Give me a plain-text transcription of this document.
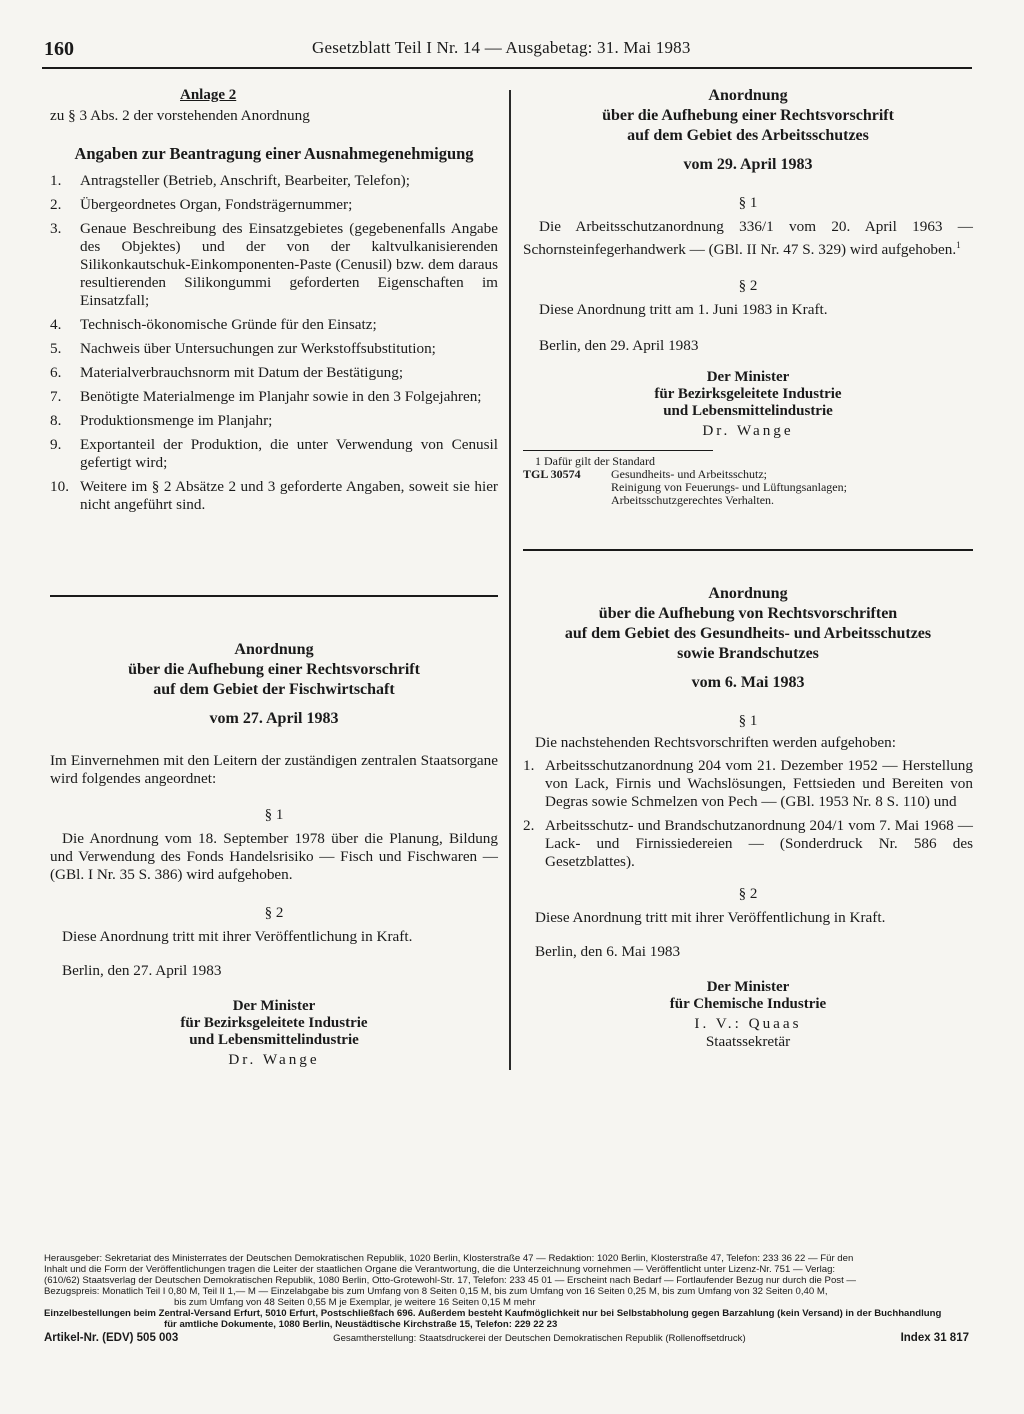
160	Gesetzblatt Teil I Nr. 14 — Ausgabetag: 31. Mai 1983
Anlage 2
zu § 3 Abs. 2 der vorstehenden Anordnung
Angaben zur Beantragung einer Ausnahmegenehmigung
1.	Antragsteller (Betrieb, Anschrift, Bearbeiter, Telefon);
2.	Übergeordnetes Organ, Fondsträgernummer;
3.	Genaue Beschreibung des Einsatzgebietes (gegebenenfalls Angabe des Objektes) und der von der kaltvulkanisierenden Silikonkautschuk-Einkomponenten-Paste (Cenusil) bzw. dem daraus resultierenden Silikongummi geforderten Eigenschaften im Einsatzfall;
4.	Technisch-ökonomische Gründe für den Einsatz;
5.	Nachweis über Untersuchungen zur Werkstoffsubstitution;
6.	Materialverbrauchsnorm mit Datum der Bestätigung;
7.	Benötigte Materialmenge im Planjahr sowie in den 3 Folgejahren;
8.	Produktionsmenge im Planjahr;
9.	Exportanteil der Produktion, die unter Verwendung von Cenusil gefertigt wird;
10. Weitere im § 2 Absätze 2 und 3 geforderte Angaben, soweit sie hier nicht angeführt sind.
Anordnung
über die Aufhebung einer Rechtsvorschrift
auf dem Gebiet der Fischwirtschaft
vom 27. April 1983
Im Einvernehmen mit den Leitern der zuständigen zentralen Staatsorgane wird folgendes angeordnet:
§ 1
Die Anordnung vom 18. September 1978 über die Planung, Bildung und Verwendung des Fonds Handelsrisiko — Fisch und Fischwaren — (GBl. I Nr. 35 S. 386) wird aufgehoben.
§ 2
Diese Anordnung tritt mit ihrer Veröffentlichung in Kraft.
Berlin, den 27. April 1983
Der Minister
für Bezirksgeleitete Industrie
und Lebensmittelindustrie
Dr. Wange
Anordnung
über die Aufhebung einer Rechtsvorschrift
auf dem Gebiet des Arbeitsschutzes
vom 29. April 1983
§ 1
Die Arbeitsschutzanordnung 336/1 vom 20. April 1963 — Schornsteinfegerhandwerk — (GBl. II Nr. 47 S. 329) wird aufgehoben.$^1$
§ 2
Diese Anordnung tritt am 1. Juni 1983 in Kraft.
Berlin, den 29. April 1983
Der Minister
für Bezirksgeleitete Industrie
und Lebensmittelindustrie
Dr. Wange
1 Dafür gilt der Standard
TGL 30574	Gesundheits- und Arbeitsschutz;
Reinigung von Feuerungs- und Lüftungsanlagen;
Arbeitsschutzgerechtes Verhalten.
Anordnung
über die Aufhebung von Rechtsvorschriften
auf dem Gebiet des Gesundheits- und Arbeitsschutzes
sowie Brandschutzes
vom 6. Mai 1983
§ 1
Die nachstehenden Rechtsvorschriften werden aufgehoben:
1. Arbeitsschutzanordnung 204 vom 21. Dezember 1952 — Herstellung von Lack, Firnis und Wachslösungen, Fettsieden und Bereiten von Degras sowie Schmelzen von Pech — (GBl. 1953 Nr. 8 S. 110) und
2. Arbeitsschutz- und Brandschutzanordnung 204/1 vom 7. Mai 1968 — Lack- und Firnissiedereien — (Sonderdruck Nr. 586 des Gesetzblattes).
§ 2
Diese Anordnung tritt mit ihrer Veröffentlichung in Kraft.
Berlin, den 6. Mai 1983
Der Minister
für Chemische Industrie
I. V.: Quaas
Staatssekretär
Herausgeber: Sekretariat des Ministerrates der Deutschen Demokratischen Republik, 1020 Berlin, Klosterstraße 47 — Redaktion: 1020 Berlin, Klosterstraße 47, Telefon: 233 36 22 — Für den
Inhalt und die Form der Veröffentlichungen tragen die Leiter der staatlichen Organe die Verantwortung, die die Unterzeichnung vornehmen — Veröffentlicht unter Lizenz-Nr. 751 — Verlag:
(610/62) Staatsverlag der Deutschen Demokratischen Republik, 1080 Berlin, Otto-Grotewohl-Str. 17, Telefon: 233 45 01 — Erscheint nach Bedarf — Fortlaufender Bezug nur durch die Post —
Bezugspreis: Monatlich Teil I 0,80 M, Teil II 1,— M — Einzelabgabe bis zum Umfang von 8 Seiten 0,15 M, bis zum Umfang von 16 Seiten 0,25 M, bis zum Umfang von 32 Seiten 0,40 M,
bis zum Umfang von 48 Seiten 0,55 M je Exemplar, je weitere 16 Seiten 0,15 M mehr
Einzelbestellungen beim Zentral-Versand Erfurt, 5010 Erfurt, Postschließfach 696. Außerdem besteht Kaufmöglichkeit nur bei Selbstabholung gegen Barzahlung (kein Versand) in der Buchhandlung
für amtliche Dokumente, 1080 Berlin, Neustädtische Kirchstraße 15, Telefon: 229 22 23
Artikel-Nr. (EDV) 505 003	Gesamtherstellung: Staatsdruckerei der Deutschen Demokratischen Republik (Rollenoffsetdruck)	Index 31 817
